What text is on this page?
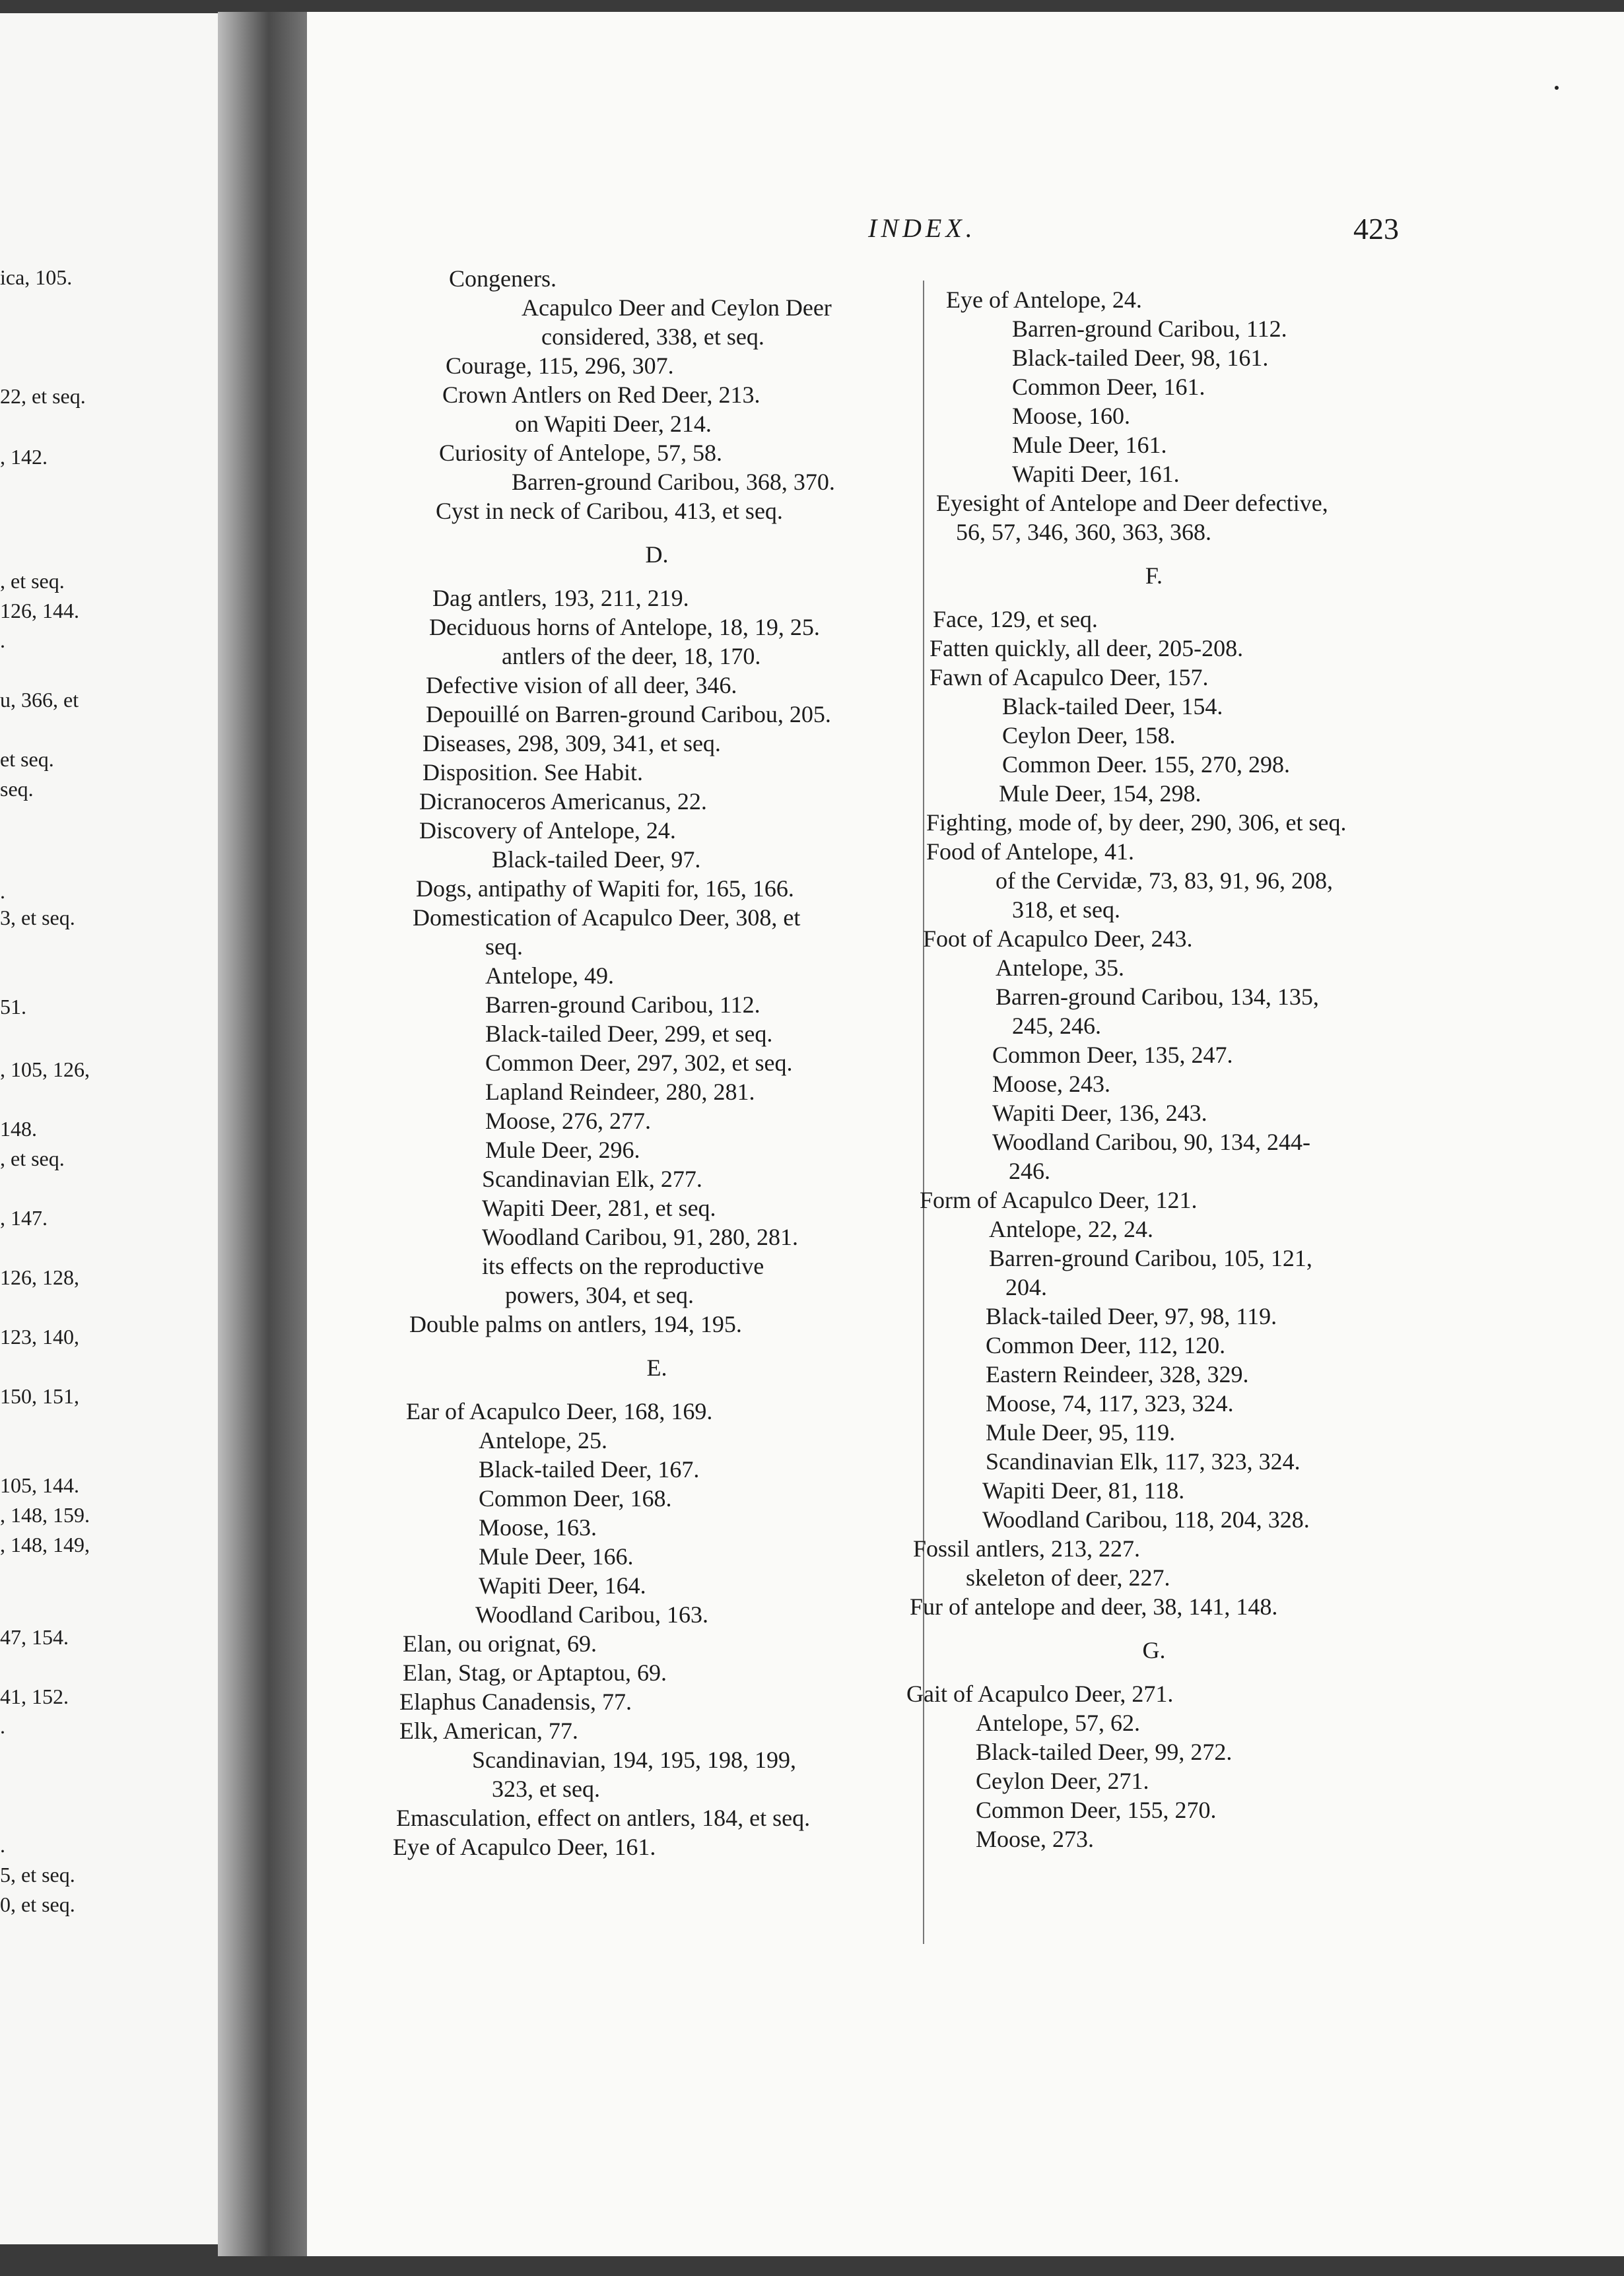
ica, 105.
22, et seq.
, 142.
, et seq.
126, 144.
.
u, 366, et
et seq.
seq.
.
3, et seq.
51.
, 105, 126,
148.
, et seq.
, 147.
126, 128,
123, 140,
150, 151,
105, 144.
, 148, 159.
, 148, 149,
47, 154.
41, 152.
.
.
5, et seq.
0, et seq.
INDEX.	423
Congeners.
Acapulco Deer and Ceylon Deer
considered, 338, et seq.
Courage, 115, 296, 307.
Crown Antlers on Red Deer, 213.
on Wapiti Deer, 214.
Curiosity of Antelope, 57, 58.
Barren-ground Caribou, 368, 370.
Cyst in neck of Caribou, 413, et seq.
D.
Dag antlers, 193, 211, 219.
Deciduous horns of Antelope, 18, 19, 25.
antlers of the deer, 18, 170.
Defective vision of all deer, 346.
Depouillé on Barren-ground Caribou, 205.
Diseases, 298, 309, 341, et seq.
Disposition. See Habit.
Dicranoceros Americanus, 22.
Discovery of Antelope, 24.
Black-tailed Deer, 97.
Dogs, antipathy of Wapiti for, 165, 166.
Domestication of Acapulco Deer, 308, et
seq.
Antelope, 49.
Barren-ground Caribou, 112.
Black-tailed Deer, 299, et seq.
Common Deer, 297, 302, et seq.
Lapland Reindeer, 280, 281.
Moose, 276, 277.
Mule Deer, 296.
Scandinavian Elk, 277.
Wapiti Deer, 281, et seq.
Woodland Caribou, 91, 280, 281.
its effects on the reproductive
powers, 304, et seq.
Double palms on antlers, 194, 195.
E.
Ear of Acapulco Deer, 168, 169.
Antelope, 25.
Black-tailed Deer, 167.
Common Deer, 168.
Moose, 163.
Mule Deer, 166.
Wapiti Deer, 164.
Woodland Caribou, 163.
Elan, ou orignat, 69.
Elan, Stag, or Aptaptou, 69.
Elaphus Canadensis, 77.
Elk, American, 77.
Scandinavian, 194, 195, 198, 199,
323, et seq.
Emasculation, effect on antlers, 184, et seq.
Eye of Acapulco Deer, 161.
Eye of Antelope, 24.
Barren-ground Caribou, 112.
Black-tailed Deer, 98, 161.
Common Deer, 161.
Moose, 160.
Mule Deer, 161.
Wapiti Deer, 161.
Eyesight of Antelope and Deer defective,
56, 57, 346, 360, 363, 368.
F.
Face, 129, et seq.
Fatten quickly, all deer, 205-208.
Fawn of Acapulco Deer, 157.
Black-tailed Deer, 154.
Ceylon Deer, 158.
Common Deer. 155, 270, 298.
Mule Deer, 154, 298.
Fighting, mode of, by deer, 290, 306, et seq.
Food of Antelope, 41.
of the Cervidæ, 73, 83, 91, 96, 208,
318, et seq.
Foot of Acapulco Deer, 243.
Antelope, 35.
Barren-ground Caribou, 134, 135,
245, 246.
Common Deer, 135, 247.
Moose, 243.
Wapiti Deer, 136, 243.
Woodland Caribou, 90, 134, 244-
246.
Form of Acapulco Deer, 121.
Antelope, 22, 24.
Barren-ground Caribou, 105, 121,
204.
Black-tailed Deer, 97, 98, 119.
Common Deer, 112, 120.
Eastern Reindeer, 328, 329.
Moose, 74, 117, 323, 324.
Mule Deer, 95, 119.
Scandinavian Elk, 117, 323, 324.
Wapiti Deer, 81, 118.
Woodland Caribou, 118, 204, 328.
Fossil antlers, 213, 227.
skeleton of deer, 227.
Fur of antelope and deer, 38, 141, 148.
G.
Gait of Acapulco Deer, 271.
Antelope, 57, 62.
Black-tailed Deer, 99, 272.
Ceylon Deer, 271.
Common Deer, 155, 270.
Moose, 273.
